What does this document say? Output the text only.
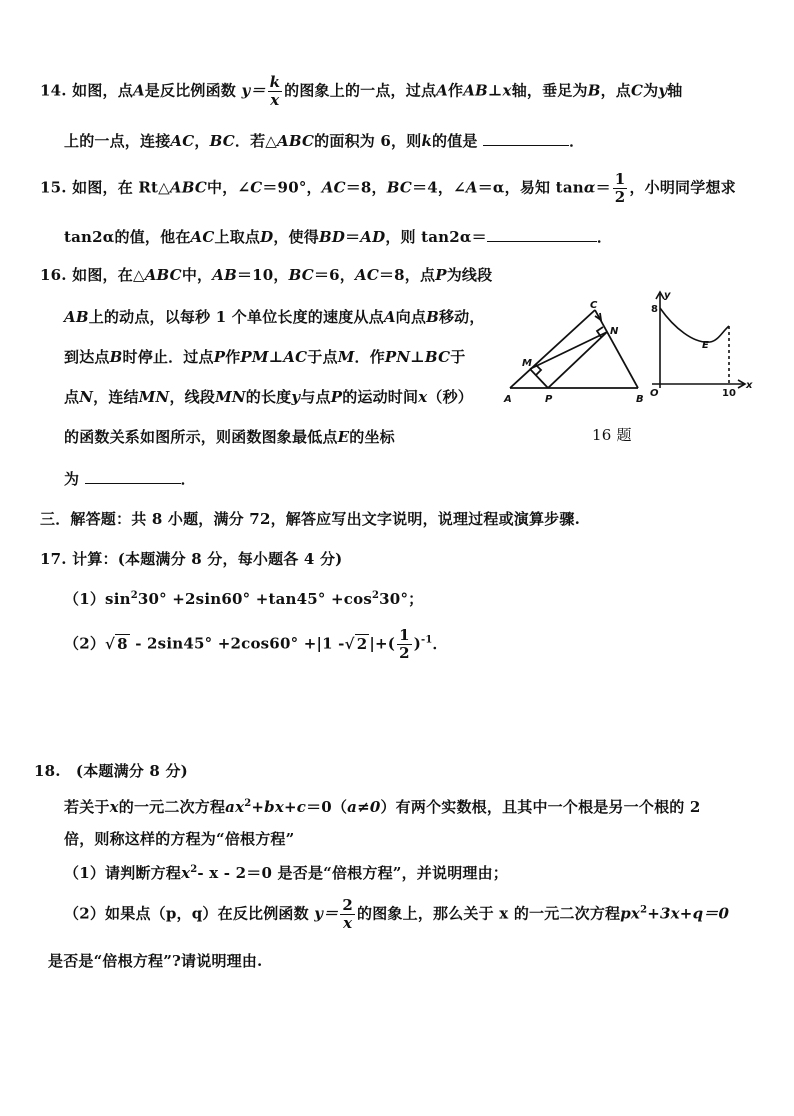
14. 如图，点A是反比例函数 $y= \frac{k}{x}$ 的图象上的一点，过点A作AB⊥x轴，垂足为B，点C为y轴
上的一点，连接AC，BC．若△ABC的面积为 6，则k的值是	．
15. 如图，在 Rt△ABC中，∠C＝90°，AC＝8，BC＝4，∠A＝α，易知 $\tan\alpha= \frac{1}{2}$ ，小明同学想求
tan2α的值，他在AC上取点D，使得BD＝AD，则 tan2α＝	．
16. 如图，在△ABC中，AB＝10，BC＝6，AC＝8，点P为线段
AB上的动点，以每秒 1 个单位长度的速度从点A向点B移动，
到达点B时停止．过点P作PM⊥AC于点M．作PN⊥BC于
点N，连结MN，线段MN的长度y与点P的运动时间x（秒）
的函数关系如图所示，则函数图象最低点E的坐标
为	．
C
N
M
A	P	B
y
8
E
O	10
x
16 题
三．解答题：共 8 小题，满分 72，解答应写出文字说明，说理过程或演算步骤.
17. 计算：(本题满分 8 分，每小题各 4 分)
$(1)\sin^230^\circ +2\sin 60^\circ +\tan 45^\circ +\cos^230^\circ$；
（2）√ 8 - 2sin45° +2cos60° +|1 -√ 2 |+( $\frac{1}{2} )^{-1}$．
18.　(本题满分 8 分)
若关于x的一元二次方程$ax^2+bx+c=0(a\ne 0)$有两个实数根，且其中一个根是另一个根的 2
倍，则称这样的方程为“倍根方程”
（1）请判断方程$x^2-$ x - 2＝0 是否是“倍根方程”，并说明理由；
（2）如果点（p，q）在反比例函数 $y= \frac{2}{x}$ 的图象上，那么关于 x 的一元二次方程$px^2+3x+q=0$
是否是“倍根方程”?请说明理由.
